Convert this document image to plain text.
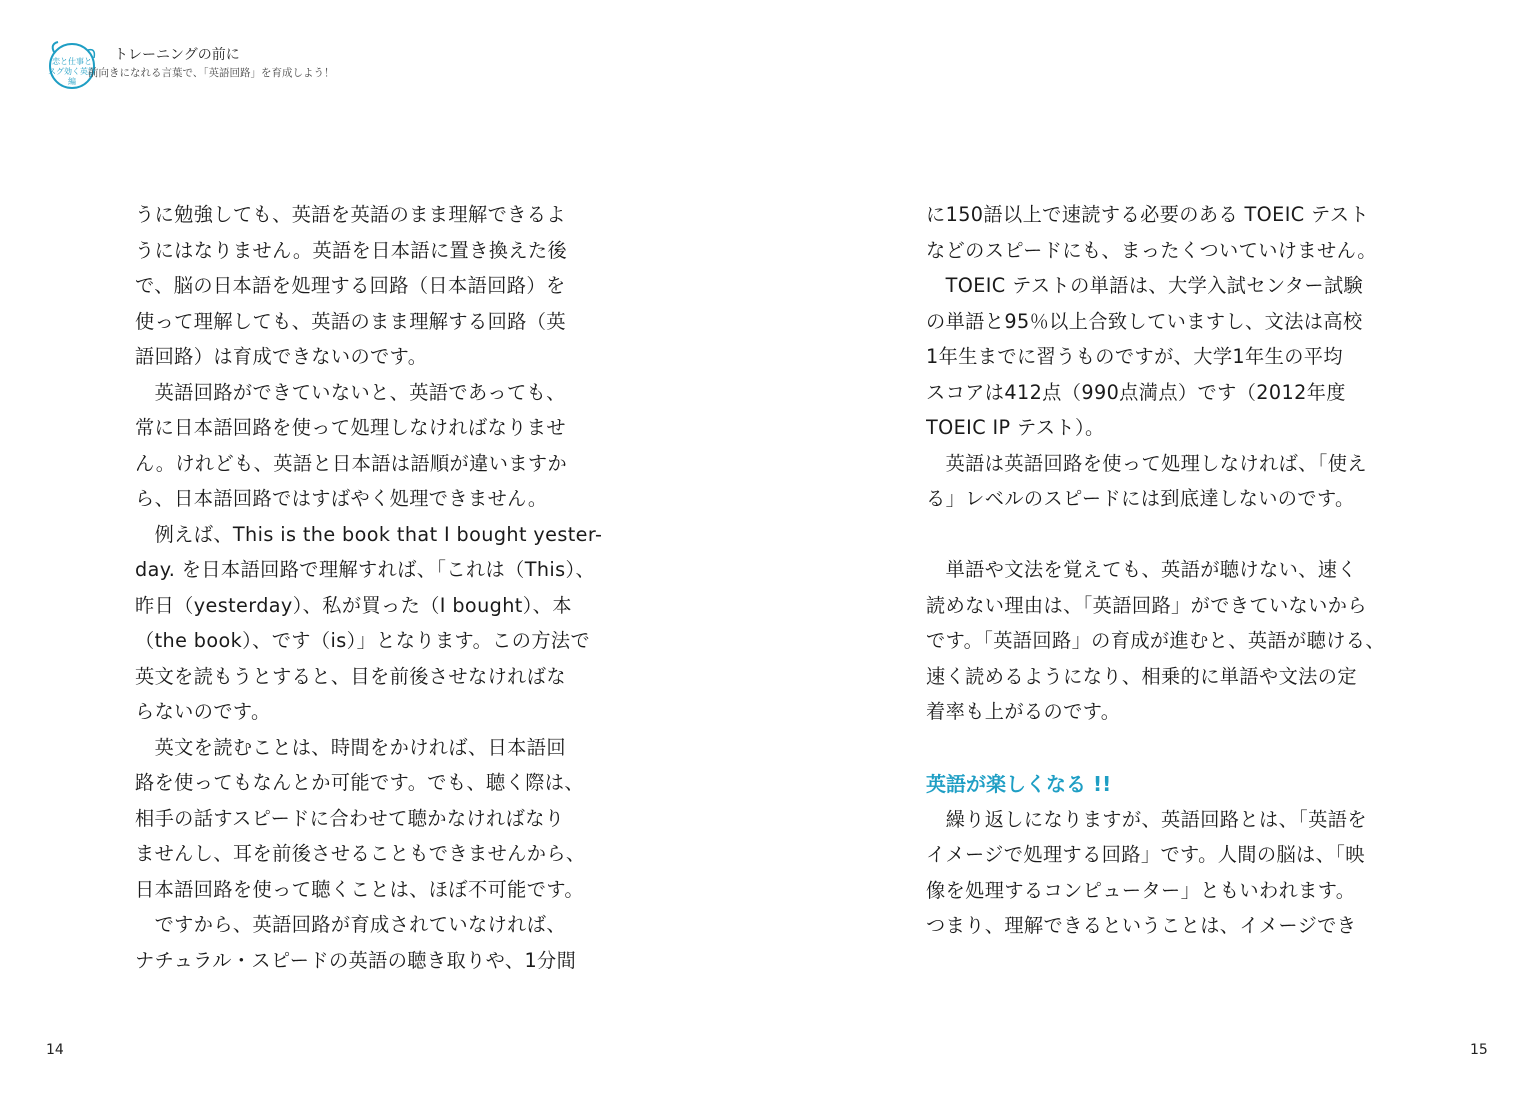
恋と仕事と
スグ効く英語
編
トレーニングの前に
前向きになれる言葉で、「英語回路」を育成しよう！
うに勉強しても、英語を英語のまま理解できるよ
うにはなりません。英語を日本語に置き換えた後
で、脳の日本語を処理する回路（日本語回路）を
使って理解しても、英語のまま理解する回路（英
語回路）は育成できないのです。
　英語回路ができていないと、英語であっても、
常に日本語回路を使って処理しなければなりませ
ん。けれども、英語と日本語は語順が違いますか
ら、日本語回路ではすばやく処理できません。
　例えば、This is the book that I bought yester-
day. を日本語回路で理解すれば、「これは（This）、
昨日（yesterday）、私が買った（I bought）、本
（the book）、です（is）」となります。この方法で
英文を読もうとすると、目を前後させなければな
らないのです。
　英文を読むことは、時間をかければ、日本語回
路を使ってもなんとか可能です。でも、聴く際は、
相手の話すスピードに合わせて聴かなければなり
ませんし、耳を前後させることもできませんから、
日本語回路を使って聴くことは、ほぼ不可能です。
　ですから、英語回路が育成されていなければ、
ナチュラル・スピードの英語の聴き取りや、1分間
に150語以上で速読する必要のある TOEIC テスト
などのスピードにも、まったくついていけません。
　TOEIC テストの単語は、大学入試センター試験
の単語と95％以上合致していますし、文法は高校
1年生までに習うものですが、大学1年生の平均
スコアは412点（990点満点）です（2012年度
TOEIC IP テスト）。
　英語は英語回路を使って処理しなければ、「使え
る」レベルのスピードには到底達しないのです。
　単語や文法を覚えても、英語が聴けない、速く
読めない理由は、「英語回路」ができていないから
です。「英語回路」の育成が進むと、英語が聴ける、
速く読めるようになり、相乗的に単語や文法の定
着率も上がるのです。
英語が楽しくなる !!
　繰り返しになりますが、英語回路とは、「英語を
イメージで処理する回路」です。人間の脳は、「映
像を処理するコンピューター」ともいわれます。
つまり、理解できるということは、イメージでき
14	15
